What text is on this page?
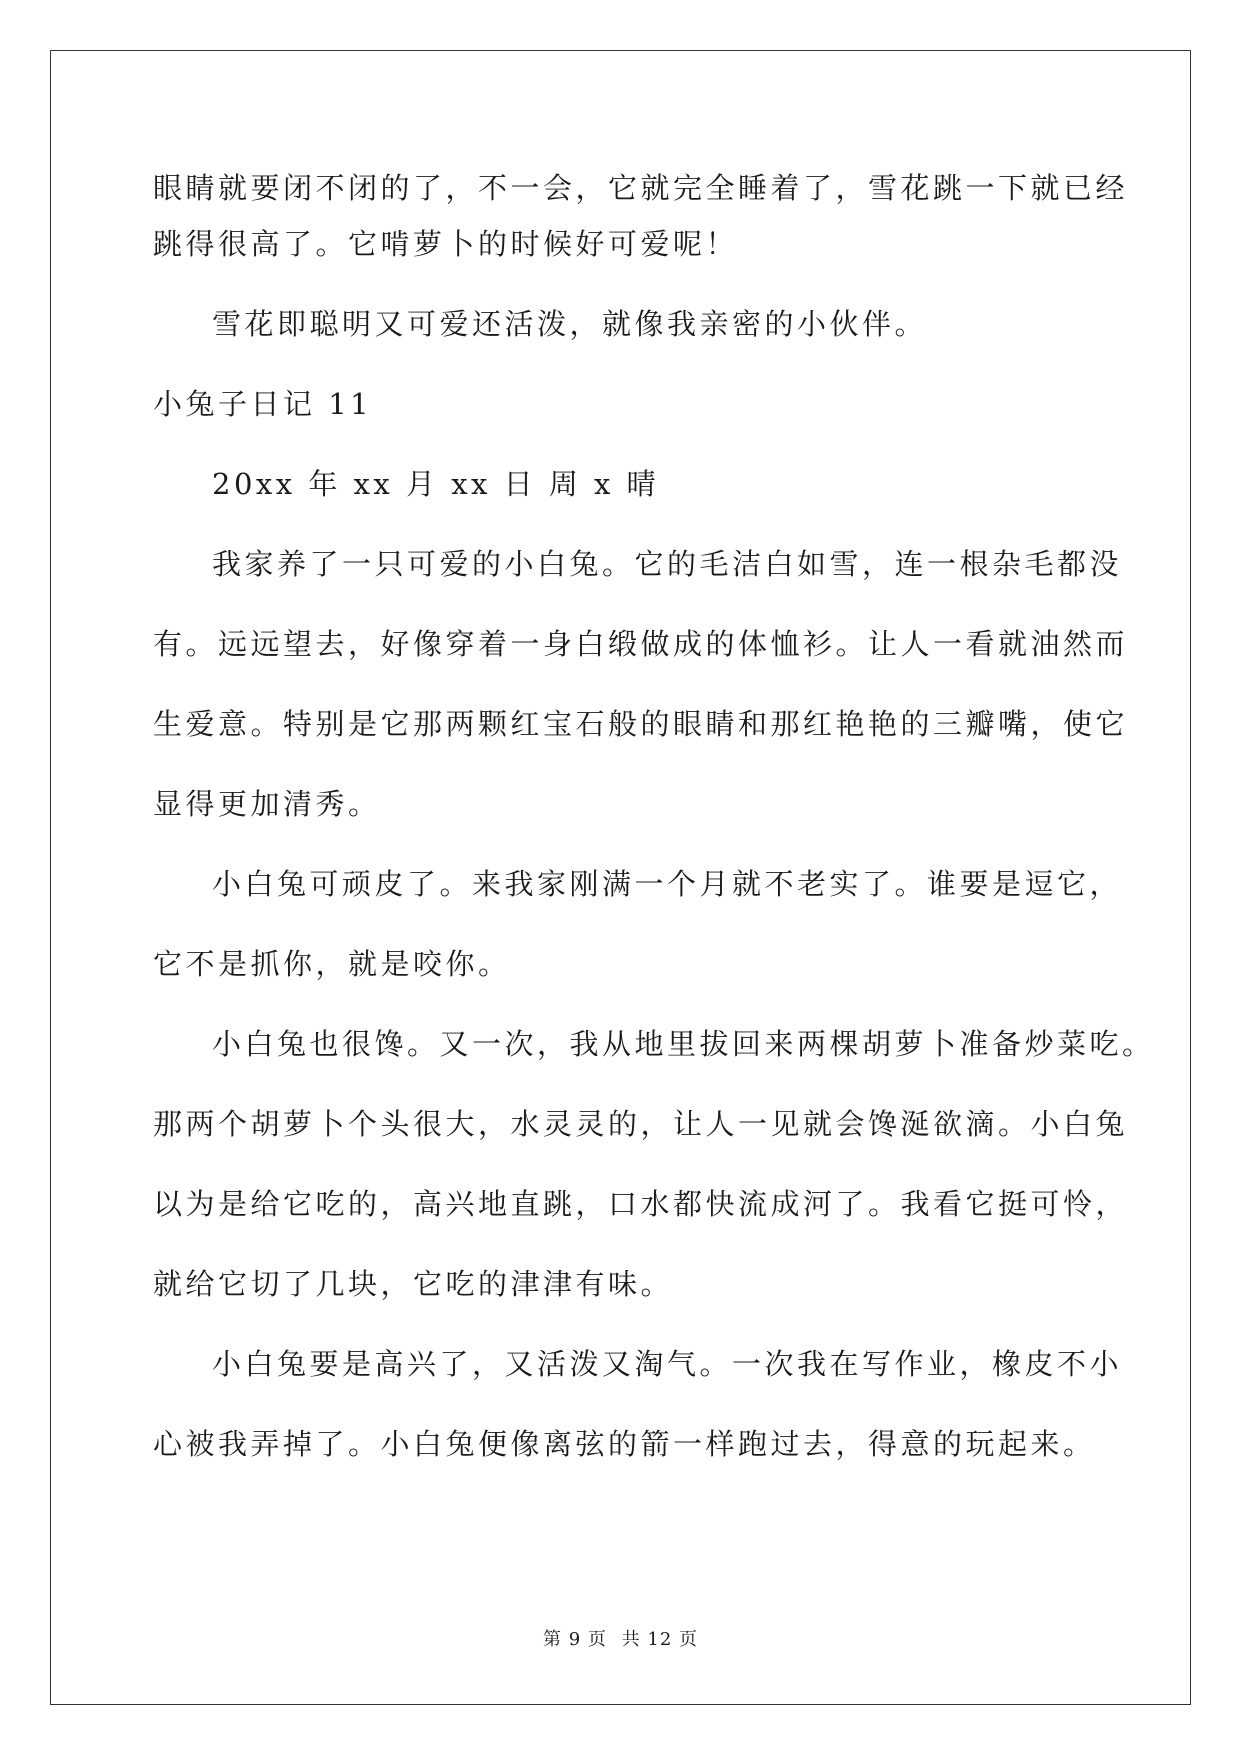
眼睛就要闭不闭的了，不一会，它就完全睡着了，雪花跳一下就已经
跳得很高了。它啃萝卜的时候好可爱呢！
雪花即聪明又可爱还活泼，就像我亲密的小伙伴。
小兔子日记 11
20xx 年 xx 月 xx 日 周 x 晴
我家养了一只可爱的小白兔。它的毛洁白如雪，连一根杂毛都没
有。远远望去，好像穿着一身白缎做成的体恤衫。让人一看就油然而
生爱意。特别是它那两颗红宝石般的眼睛和那红艳艳的三瓣嘴，使它
显得更加清秀。
小白兔可顽皮了。来我家刚满一个月就不老实了。谁要是逗它，
它不是抓你，就是咬你。
小白兔也很馋。又一次，我从地里拔回来两棵胡萝卜准备炒菜吃。
那两个胡萝卜个头很大，水灵灵的，让人一见就会馋涎欲滴。小白兔
以为是给它吃的，高兴地直跳，口水都快流成河了。我看它挺可怜，
就给它切了几块，它吃的津津有味。
小白兔要是高兴了，又活泼又淘气。一次我在写作业，橡皮不小
心被我弄掉了。小白兔便像离弦的箭一样跑过去，得意的玩起来。
第 9 页 共 12 页
